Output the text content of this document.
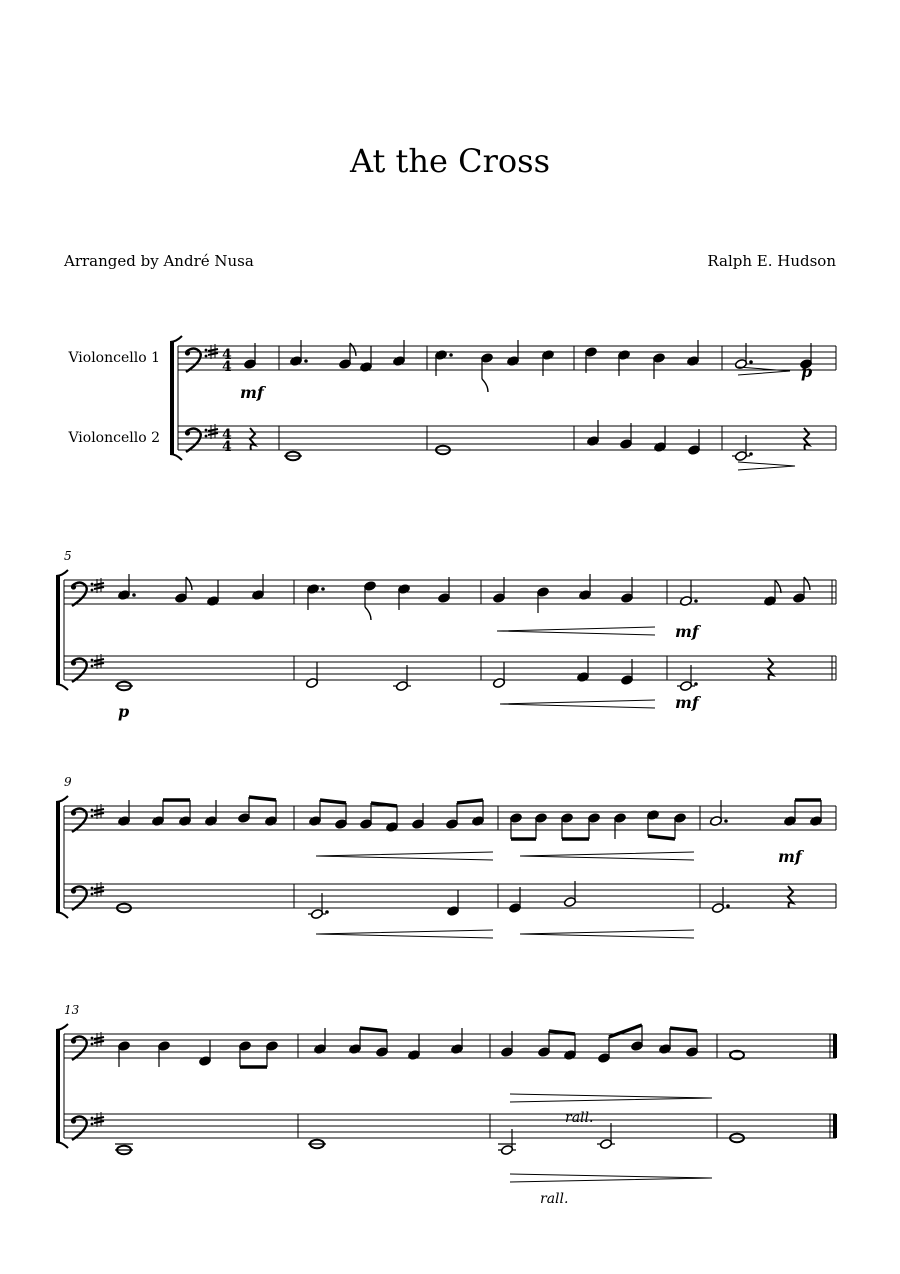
At the Cross
Arranged by André Nusa	Ralph E. Hudson
4
4
4
4
5
9
13
Violoncello 1
Violoncello 2
mf
p
mf
p	mf
mf
rall.
rall.
